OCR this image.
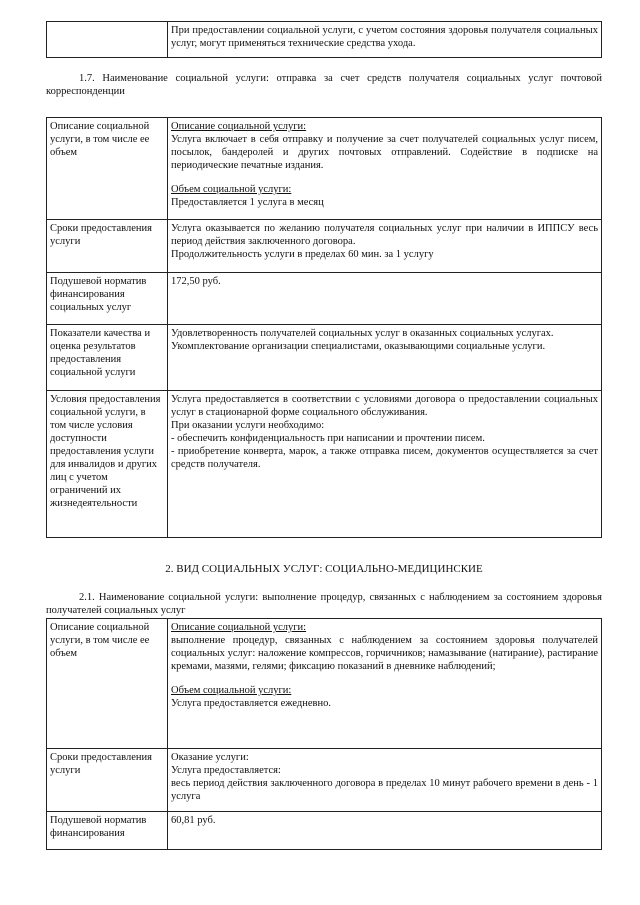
	При предоставлении социальной услуги, с учетом состояния здоровья получателя социальных услуг, могут применяться технические средства ухода.
1.7. Наименование социальной услуги: отправка за счет средств получателя социальных услуг почтовой корреспонденции
Описание социальной услуги, в том числе ее объем	Описание социальной услуги:

Услуга включает в себя отправку и получение за счет получателей социальных услуг писем, посылок, бандеролей и других почтовых отправлений. Содействие в подписке на периодические печатные издания.

Объем социальной услуги:

Предоставляется 1 услуга в месяц

Сроки предоставления услуги	Услуга оказывается по желанию получателя социальных услуг при наличии в ИППСУ весь период действия заключенного договора.

Продолжительность услуги в пределах 60 мин. за 1 услугу

Подушевой норматив финансирования социальных услуг	172,50 руб.
Показатели качества и оценка результатов предоставления социальной услуги	Удовлетворенность получателей социальных услуг в оказанных социальных услугах.

Укомплектование организации специалистами, оказывающими социальные услуги.

Условия предоставления социальной услуги, в том числе условия доступности предоставления услуги для инвалидов и других лиц с учетом ограничений их жизнедеятельности	Услуга предоставляется в соответствии с условиями договора о предоставлении социальных услуг в стационарной форме социального обслуживания.

При оказании услуги необходимо:

- обеспечить конфиденциальность при написании и прочтении писем.

- приобретение конверта, марок, а также отправка писем, документов осуществляется за счет средств получателя.

2. ВИД СОЦИАЛЬНЫХ УСЛУГ: СОЦИАЛЬНО-МЕДИЦИНСКИЕ
2.1. Наименование социальной услуги: выполнение процедур, связанных с наблюдением за состоянием здоровья получателей социальных услуг
Описание социальной услуги, в том числе ее объем	Описание социальной услуги:

выполнение процедур, связанных с наблюдением за состоянием здоровья получателей социальных услуг: наложение компрессов, горчичников; намазывание (натирание), растирание кремами, мазями, гелями; фиксацию показаний в дневнике наблюдений;

Объем социальной услуги:

Услуга предоставляется ежедневно.

Сроки предоставления услуги	Оказание услуги:

Услуга предоставляется:

весь период действия заключенного договора в пределах 10 минут рабочего времени в день - 1 услуга

Подушевой норматив финансирования	60,81 руб.
